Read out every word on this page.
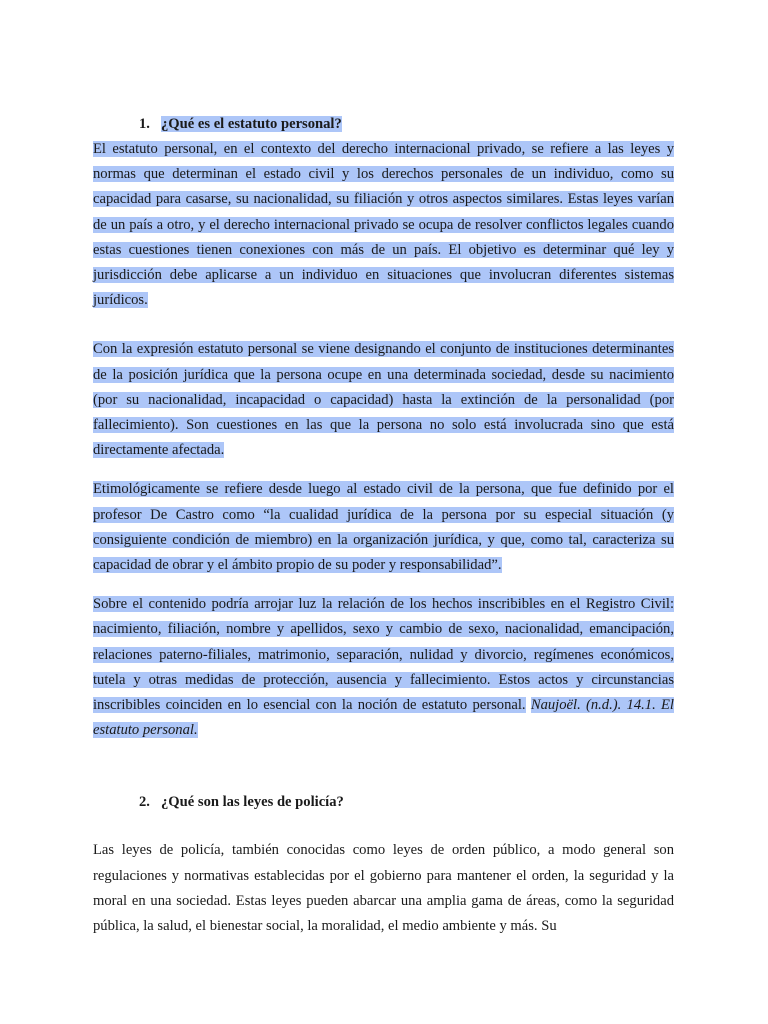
1. ¿Qué es el estatuto personal?

El estatuto personal, en el contexto del derecho internacional privado, se refiere a las leyes y normas que determinan el estado civil y los derechos personales de un individuo, como su capacidad para casarse, su nacionalidad, su filiación y otros aspectos similares. Estas leyes varían de un país a otro, y el derecho internacional privado se ocupa de resolver conflictos legales cuando estas cuestiones tienen conexiones con más de un país. El objetivo es determinar qué ley y jurisdicción debe aplicarse a un individuo en situaciones que involucran diferentes sistemas jurídicos.

Con la expresión estatuto personal se viene designando el conjunto de instituciones determinantes de la posición jurídica que la persona ocupe en una determinada sociedad, desde su nacimiento (por su nacionalidad, incapacidad o capacidad) hasta la extinción de la personalidad (por fallecimiento). Son cuestiones en las que la persona no solo está involucrada sino que está directamente afectada.

Etimológicamente se refiere desde luego al estado civil de la persona, que fue definido por el profesor De Castro como “la cualidad jurídica de la persona por su especial situación (y consiguiente condición de miembro) en la organización jurídica, y que, como tal, caracteriza su capacidad de obrar y el ámbito propio de su poder y responsabilidad”.

Sobre el contenido podría arrojar luz la relación de los hechos inscribibles en el Registro Civil: nacimiento, filiación, nombre y apellidos, sexo y cambio de sexo, nacionalidad, emancipación, relaciones paterno-filiales, matrimonio, separación, nulidad y divorcio, regímenes económicos, tutela y otras medidas de protección, ausencia y fallecimiento. Estos actos y circunstancias inscribibles coinciden en lo esencial con la noción de estatuto personal. Naujoël. (n.d.). 14.1. El estatuto personal.

2. ¿Qué son las leyes de policía?

Las leyes de policía, también conocidas como leyes de orden público, a modo general son regulaciones y normativas establecidas por el gobierno para mantener el orden, la seguridad y la moral en una sociedad. Estas leyes pueden abarcar una amplia gama de áreas, como la seguridad pública, la salud, el bienestar social, la moralidad, el medio ambiente y más. Su
